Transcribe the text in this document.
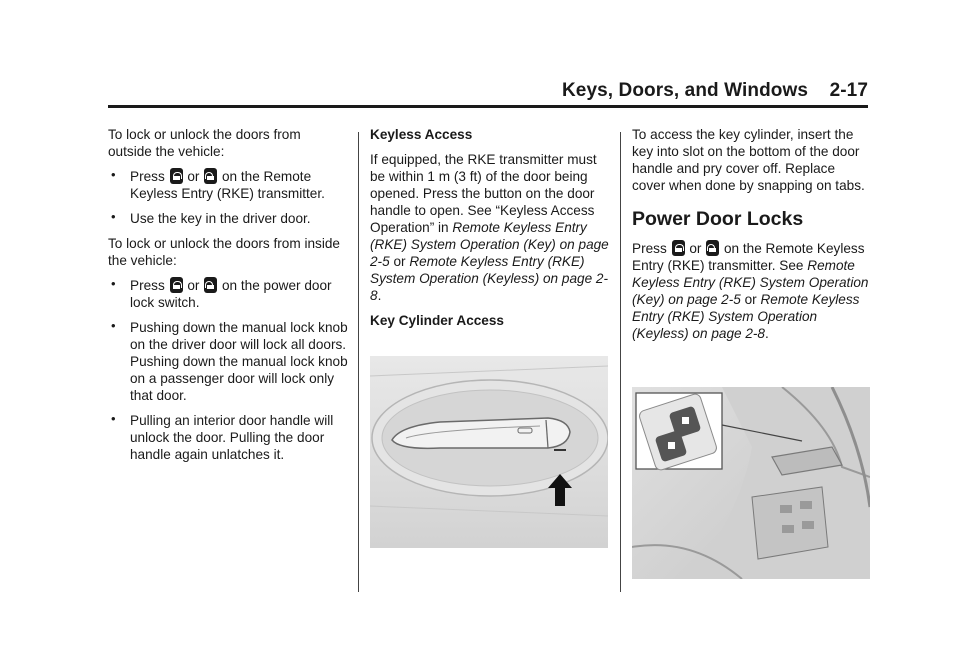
Keys, Doors, and Windows    2-17

To lock or unlock the doors from outside the vehicle:

• Press or on the Remote Keyless Entry (RKE) transmitter.
• Use the key in the driver door.

To lock or unlock the doors from inside the vehicle:

• Press or on the power door lock switch.
• Pushing down the manual lock knob on the driver door will lock all doors. Pushing down the manual lock knob on a passenger door will lock only that door.
• Pulling an interior door handle will unlock the door. Pulling the door handle again unlatches it.

Keyless Access

If equipped, the RKE transmitter must be within 1 m (3 ft) of the door being opened. Press the button on the door handle to open. See “Keyless Access Operation” in Remote Keyless Entry (RKE) System Operation (Key) on page 2-5 or Remote Keyless Entry (RKE) System Operation (Keyless) on page 2-8.

Key Cylinder Access

To access the key cylinder, insert the key into slot on the bottom of the door handle and pry cover off. Replace cover when done by snapping on tabs.

Power Door Locks

Press or on the Remote Keyless Entry (RKE) transmitter. See Remote Keyless Entry (RKE) System Operation (Key) on page 2-5 or Remote Keyless Entry (RKE) System Operation (Keyless) on page 2-8.
